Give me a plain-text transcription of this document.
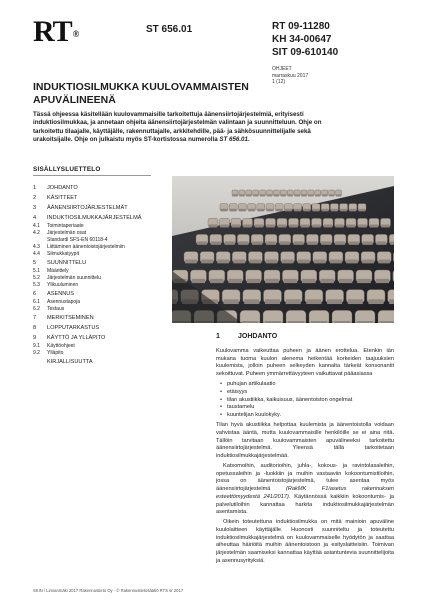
RT®	ST 656.01	RT 09-11280
KH 34-00647
SIT 09-610140
OHJEET
marraskuu 2017
1 (12)
INDUKTIOSILMUKKA KUULOVAMMAISTEN
APUVÄLINEENÄ
Tässä ohjeessa käsitellään kuulovammaisille tarkoitettuja äänensiirtojärjestelmiä, erityisesti induktiosilmukkaa, ja annetaan ohjeita äänensiirtojärjestelmän valintaan ja suunnitteluun. Ohje on tarkoitettu tilaajalle, käyttäjälle, rakennuttajalle, arkkitehdille, pää- ja sähkösuunnittelijalle sekä urakoitsijalle. Ohje on julkaistu myös ST-kortistossa numerolla ST 656.01.
SISÄLLYSLUETTELO
1	JOHDANTO
2	KÄSITTEET
3	ÄÄNENSIIRTOJÄRJESTELMÄT
4	INDUKTIOSILMUKKAJÄRJESTELMÄ
4.1	Toimintaperiaate
4.2	Järjestelmän osat
Standardi SFS-EN 60118-4
4.3	Liittäminen äänentoistojärjestelmiin
4.4	Silmukkatyypit
5	SUUNNITTELU
5.1	Määrittely
5.2	Järjestelmän suunnittelu
5.3	Ylikuuluminen
6	ASENNUS
6.1	Asennustapoja
6.2	Testaus
7	MERKITSEMINEN
8	LOPPUTARKASTUS
9	KÄYTTÖ JA YLLÄPITO
9.1	Käyttöohjeet
9.2	Ylläpito
KIRJALLISUUTTA
1	JOHDANTO

Kuulovamma vaikeuttaa puheen ja äänen erottelua. Etenkin iän mukana tuoma kuulon alenema heikentää korkeiden taajuuksien kuulemista, jolloin puheen selkeyden kannalta tärkeät konsonantit sekoittuvat. Puheen ymmärrettävyyteen vaikuttavat pääasiassa

• puhujan artikulaatio
• etäisyys
• tilan akustiikka, kaikuisuus, äänentoiston ongelmat
• taustamelu
• kuuntelijan kuulokyky.

Tilan hyvä akustiikka helpottaa kuulemista ja äänentoistolla voidaan vahvistaa ääntä, mutta kuulovammaisille henkilöille se ei aina riitä. Tällöin tarvitaan kuulovammaisten apuvälineeksi tarkoitettu äänensiirtojärjestelmä. Yleensä tällä tarkoitetaan induktiosilmukkajärjestelmää.

Katsomoihin, auditorioihin, juhla-, kokous- ja ravintolasaleihin, opetussaleihin ja -luokkiin ja muihin vastaaviin kokoontumistiloihin, jossa on äänentoistojärjestelmä, tulee asentaa myös äänensiirtojärjestelmä (RakMK F1/asetus rakennuksen esteettömyydestä 241/2017). Käytännössä kaikkiin kokoontumis- ja palvelutiloihin kannattaa harkita induktiosilmukkajärjestelmän asentamista.

Oikein toteutettuna induktiosilmukka on mitä mainioin apuväline kuulolaitteen käyttäjälle. Huonosti suunniteltu ja toteutettu induktiosilmukkajärjestelmä on kuulovammaiselle hyödytön ja saattaa aiheuttaa häiriöitä muihin äänentoistoon ja esityslaitteisiin. Toimivan järjestelmän saamiseksi kannattaa käyttää asiantuntevia suunnittelijoita ja asennusyrityksiä.

SKIN / Linnanmäki 2017 Rakennustieto Oy · © Rakennustietosäätiö RTS sr 2017
